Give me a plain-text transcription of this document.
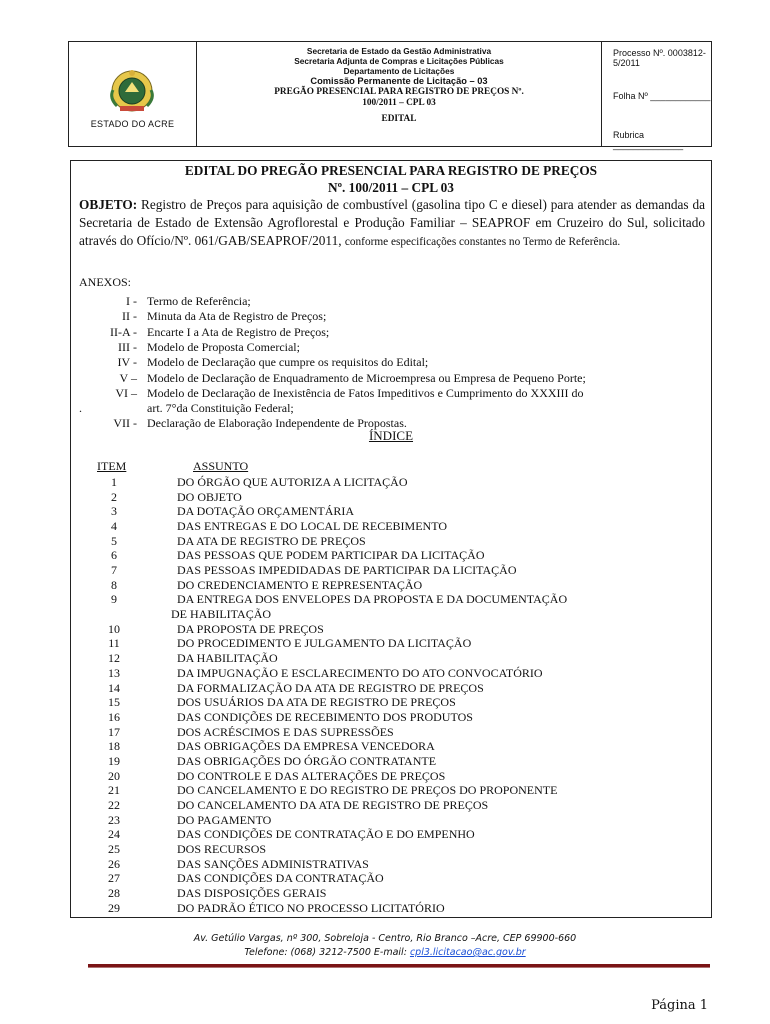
ESTADO DO ACRE
Secretaria de Estado da Gestão Administrativa
Secretaria Adjunta de Compras e Licitações Públicas
Departamento de Licitações
Comissão Permanente de Licitação – 03
PREGÃO PRESENCIAL PARA REGISTRO DE PREÇOS Nº.
100/2011 – CPL 03
EDITAL
Processo Nº. 0003812-5/2011
Folha Nº ____________
Rubrica ______________
EDITAL DO PREGÃO PRESENCIAL PARA REGISTRO DE PREÇOS
Nº. 100/2011 – CPL 03
OBJETO: Registro de Preços para aquisição de combustível (gasolina tipo C e diesel) para atender as demandas da Secretaria de Estado de Extensão Agroflorestal e Produção Familiar – SEAPROF em Cruzeiro do Sul, solicitado através do Ofício/Nº. 061/GAB/SEAPROF/2011, conforme especificações constantes no Termo de Referência.
ANEXOS:
I - Termo de Referência;
II - Minuta da Ata de Registro de Preços;
II-A - Encarte I a Ata de Registro de Preços;
III - Modelo de Proposta Comercial;
IV - Modelo de Declaração que cumpre os requisitos do Edital;
V – Modelo de Declaração de Enquadramento de Microempresa ou Empresa de Pequeno Porte;
VI – Modelo de Declaração de Inexistência de Fatos Impeditivos e Cumprimento do XXXIII do
.	art. 7°da Constituição Federal;
VII - Declaração de Elaboração Independente de Propostas.
ÍNDICE
ITEM	ASSUNTO
1	DO ÓRGÃO QUE AUTORIZA A LICITAÇÃO
2	DO OBJETO
3	DA DOTAÇÃO ORÇAMENTÁRIA
4	DAS ENTREGAS E DO LOCAL DE RECEBIMENTO
5	DA ATA DE REGISTRO DE PREÇOS
6	DAS PESSOAS QUE PODEM PARTICIPAR DA LICITAÇÃO
7	DAS PESSOAS IMPEDIDADAS DE PARTICIPAR DA LICITAÇÃO
8	DO CREDENCIAMENTO E REPRESENTAÇÃO
9	DA ENTREGA DOS ENVELOPES DA PROPOSTA E DA DOCUMENTAÇÃO
DE HABILITAÇÃO
10	DA PROPOSTA DE PREÇOS
11	DO PROCEDIMENTO E JULGAMENTO DA LICITAÇÃO
12	DA HABILITAÇÃO
13	DA IMPUGNAÇÃO E ESCLARECIMENTO DO ATO CONVOCATÓRIO
14	DA FORMALIZAÇÃO DA ATA DE REGISTRO DE PREÇOS
15	DOS USUÁRIOS DA ATA DE REGISTRO DE PREÇOS
16	DAS CONDIÇÕES DE RECEBIMENTO DOS PRODUTOS
17	DOS ACRÉSCIMOS E DAS SUPRESSÕES
18	DAS OBRIGAÇÕES DA EMPRESA VENCEDORA
19	DAS OBRIGAÇÕES DO ÓRGÃO CONTRATANTE
20	DO CONTROLE E DAS ALTERAÇÕES DE PREÇOS
21	DO CANCELAMENTO E DO REGISTRO DE PREÇOS DO PROPONENTE
22	DO CANCELAMENTO DA ATA DE REGISTRO DE PREÇOS
23	DO PAGAMENTO
24	DAS CONDIÇÕES DE CONTRATAÇÃO E DO EMPENHO
25	DOS RECURSOS
26	DAS SANÇÕES ADMINISTRATIVAS
27	DAS CONDIÇÕES DA CONTRATAÇÃO
28	DAS DISPOSIÇÕES GERAIS
29	DO PADRÃO ÉTICO NO PROCESSO LICITATÓRIO
Av. Getúlio Vargas, nº 300, Sobreloja - Centro, Rio Branco –Acre, CEP 69900-660
Telefone: (068) 3212-7500 E-mail: cpl3.licitacao@ac.gov.br
Página 1
